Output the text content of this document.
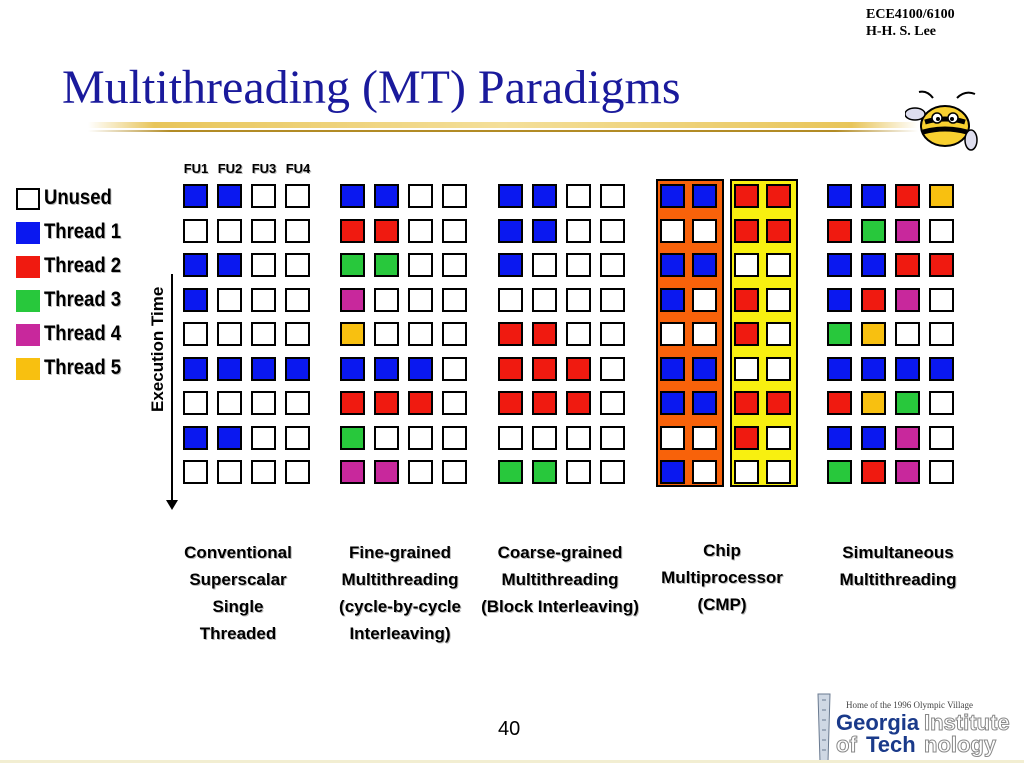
ECE4100/6100
H-H. S. Lee
Multithreading (MT) Paradigms
Unused
Thread 1
Thread 2
Thread 3
Thread 4
Thread 5 Execution Time
FU1 FU2 FU3 FU4
Conventional
Superscalar
Single
Threaded
Fine-grained
Multithreading
(cycle-by-cycle
Interleaving)
Coarse-grained
Multithreading
(Block Interleaving)
Chip
Multiprocessor
(CMP)
Simultaneous
Multithreading
40
Home of the 1996 Olympic Village
Georgia Institute
of Tech nology
